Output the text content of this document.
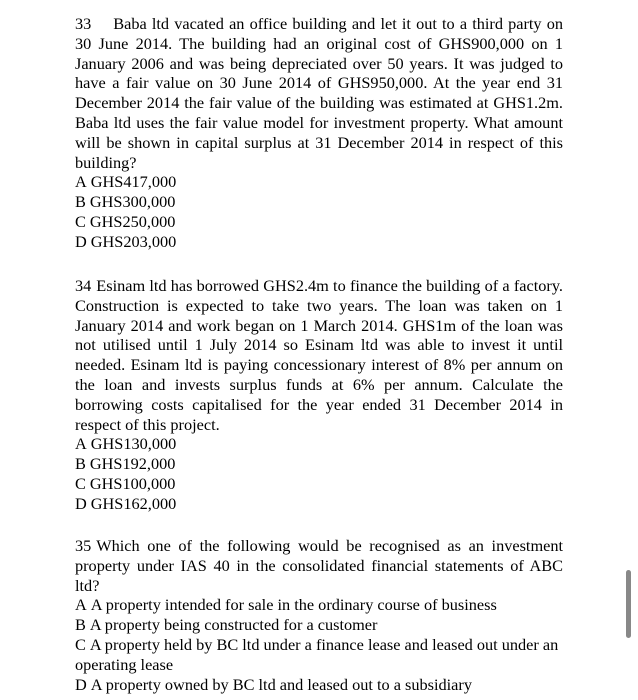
33 Baba ltd vacated an office building and let it out to a third party on 30 June 2014. The building had an original cost of GHS900,000 on 1 January 2006 and was being depreciated over 50 years. It was judged to have a fair value on 30 June 2014 of GHS950,000. At the year end 31 December 2014 the fair value of the building was estimated at GHS1.2m. Baba ltd uses the fair value model for investment property. What amount will be shown in capital surplus at 31 December 2014 in respect of this building?

A GHS417,000
B GHS300,000
C GHS250,000
D GHS203,000

34 Esinam ltd has borrowed GHS2.4m to finance the building of a factory. Construction is expected to take two years. The loan was taken on 1 January 2014 and work began on 1 March 2014. GHS1m of the loan was not utilised until 1 July 2014 so Esinam ltd was able to invest it until needed. Esinam ltd is paying concessionary interest of 8% per annum on the loan and invests surplus funds at 6% per annum. Calculate the borrowing costs capitalised for the year ended 31 December 2014 in respect of this project.

A GHS130,000
B GHS192,000
C GHS100,000
D GHS162,000

35 Which one of the following would be recognised as an investment property under IAS 40 in the consolidated financial statements of ABC ltd?

A A property intended for sale in the ordinary course of business
B A property being constructed for a customer
C A property held by BC ltd under a finance lease and leased out under an operating lease
D A property owned by BC ltd and leased out to a subsidiary
